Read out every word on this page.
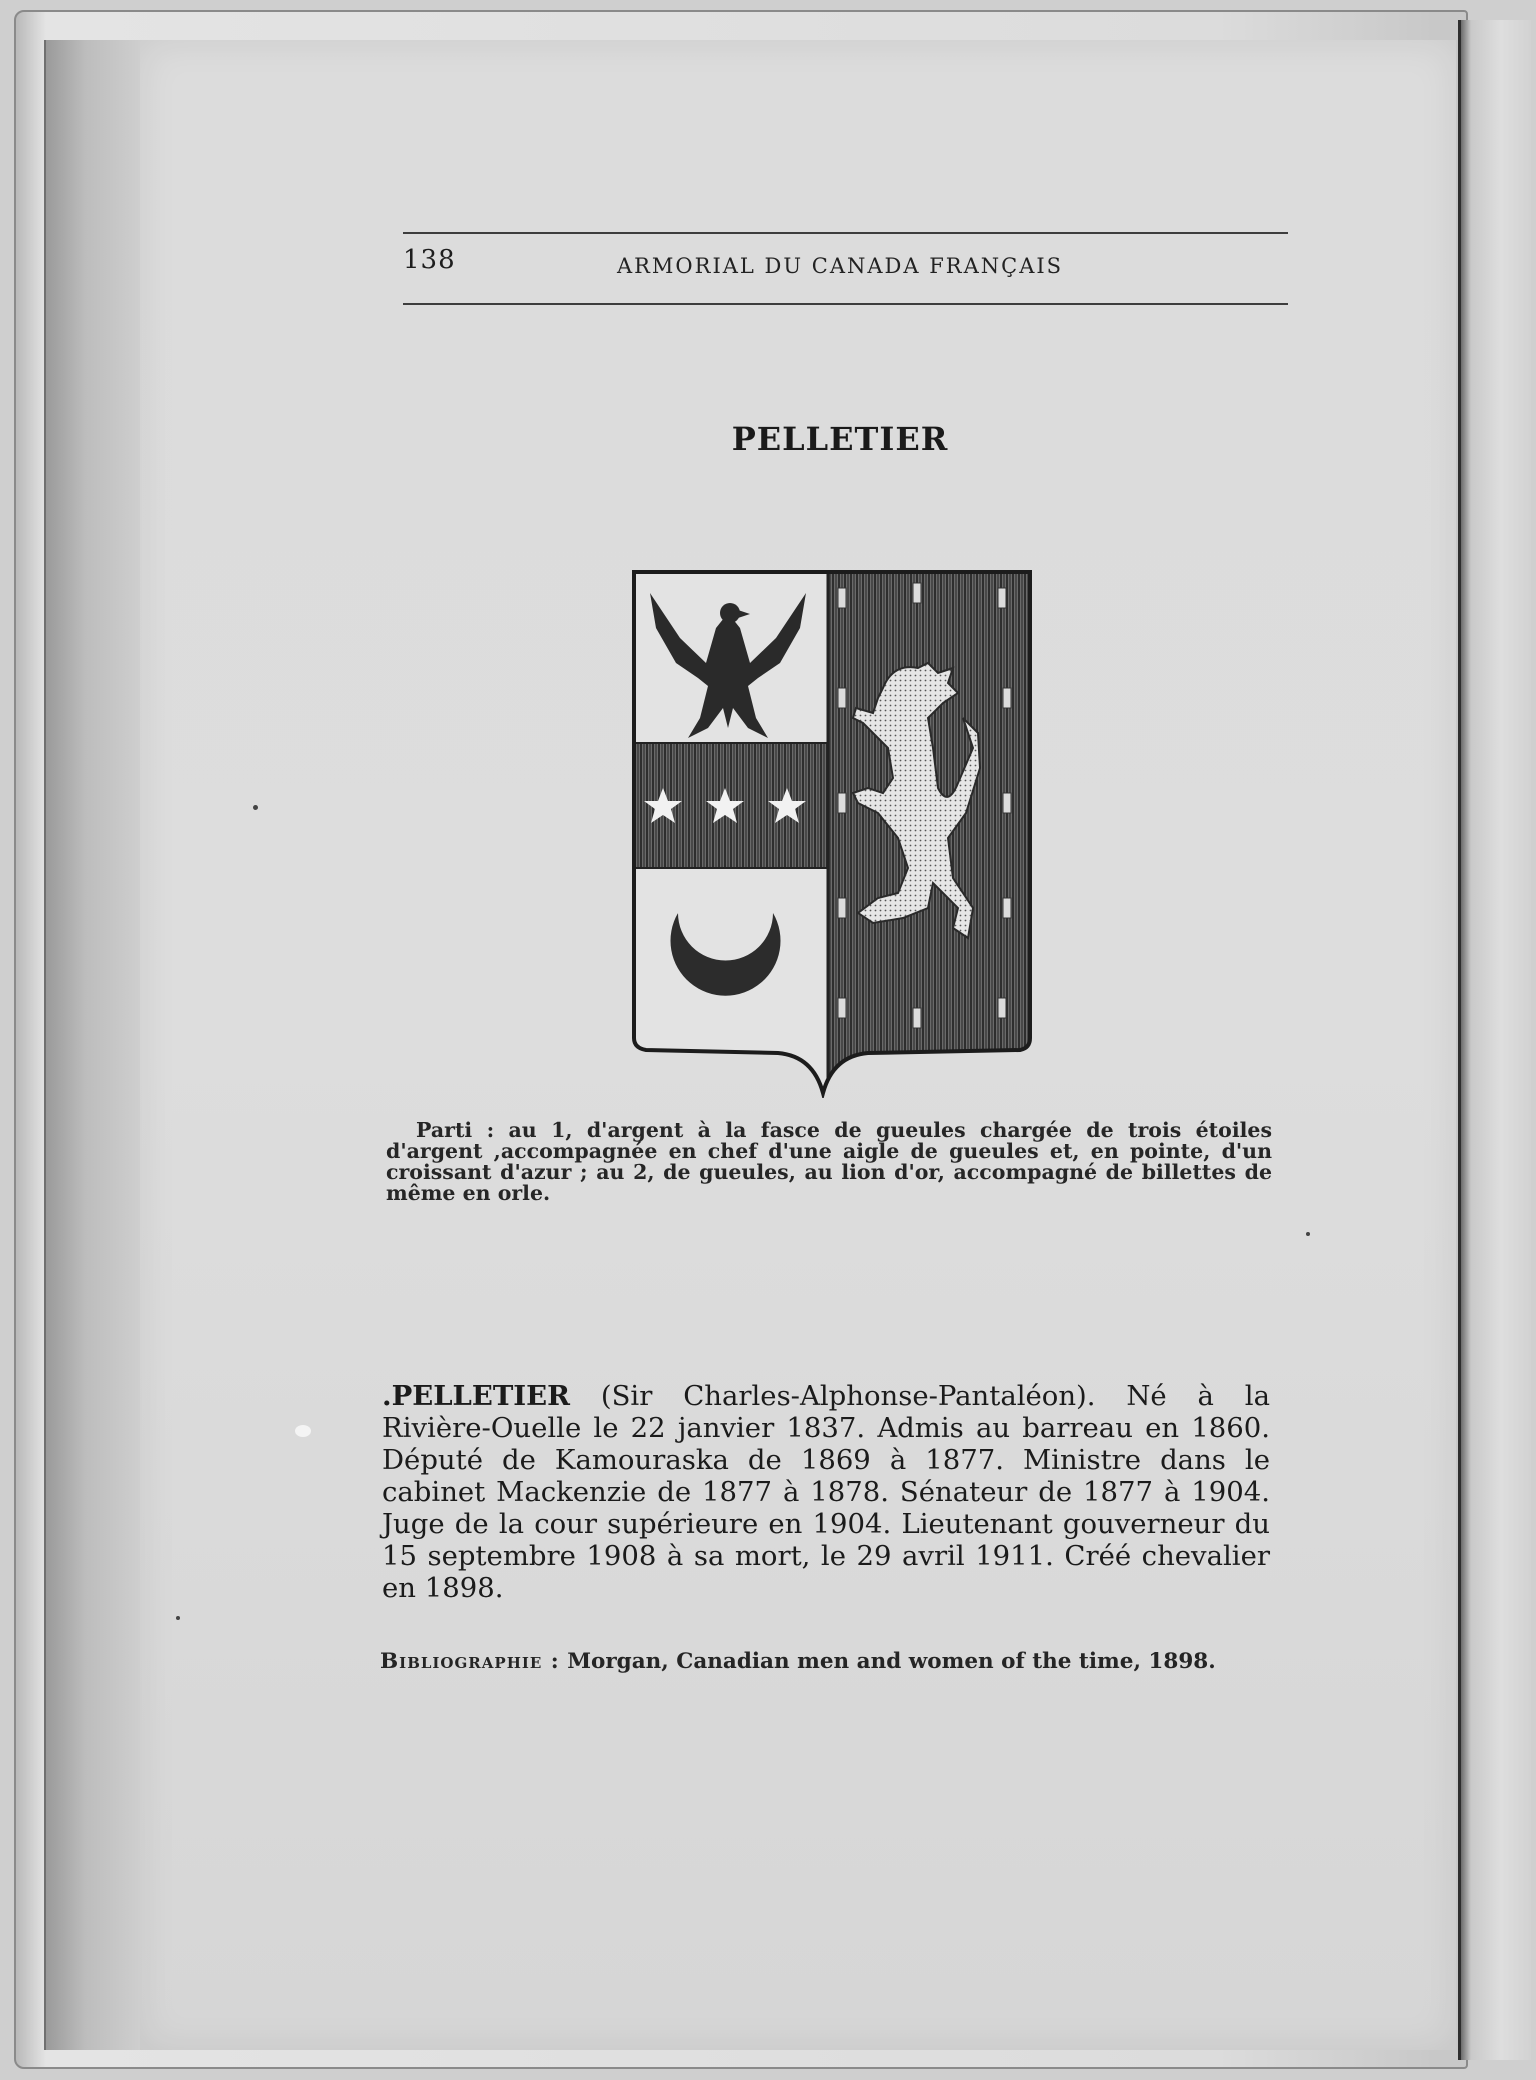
138	ARMORIAL DU CANADA FRANÇAIS
PELLETIER
Parti : au 1, d'argent à la fasce de gueules chargée de trois étoiles d'argent ,accompagnée en chef d'une aigle de gueules et, en pointe, d'un croissant d'azur ; au 2, de gueules, au lion d'or, accompagné de billettes de même en orle.
.PELLETIER (Sir Charles-Alphonse-Pantaléon). Né à la Rivière-Ouelle le 22 janvier 1837. Admis au barreau en 1860. Député de Kamouraska de 1869 à 1877. Ministre dans le cabinet Mackenzie de 1877 à 1878. Sénateur de 1877 à 1904. Juge de la cour supérieure en 1904. Lieutenant gouverneur du 15 septembre 1908 à sa mort, le 29 avril 1911. Créé chevalier en 1898.
Bibliographie : Morgan, Canadian men and women of the time, 1898.
